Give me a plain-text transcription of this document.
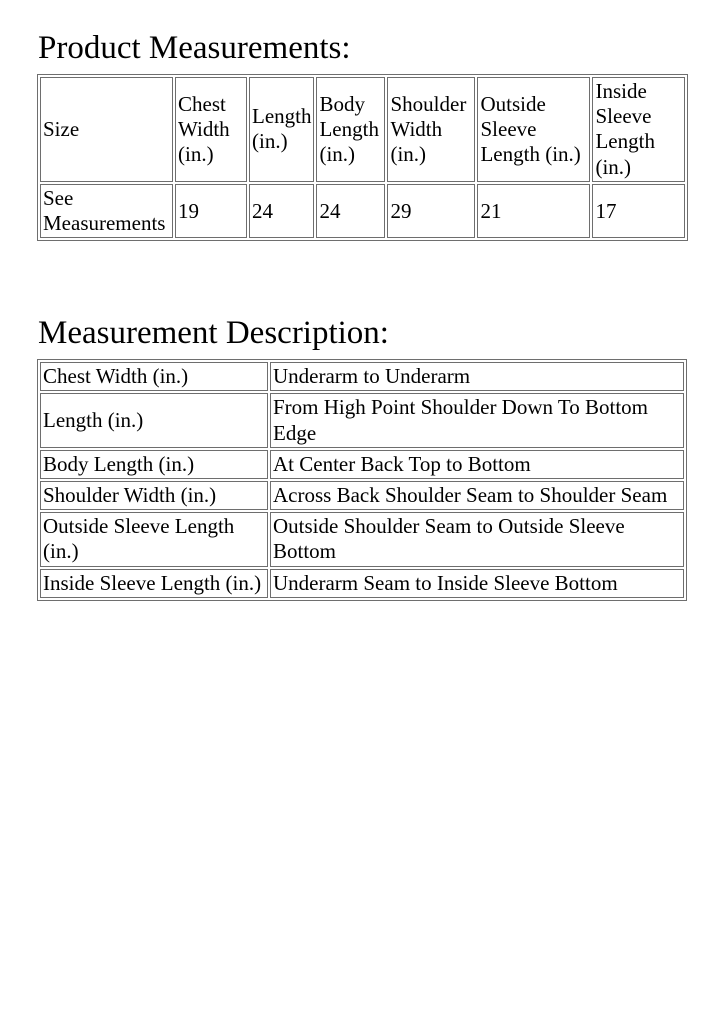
Product Measurements:
Size	Chest Width (in.)	Length (in.)	Body Length (in.)	Shoulder Width (in.)	Outside Sleeve Length (in.)	Inside Sleeve Length (in.)
See Measurements	19	24	24	29	21	17
Measurement Description:
Chest Width (in.)	Underarm to Underarm
Length (in.)	From High Point Shoulder Down To Bottom Edge
Body Length (in.)	At Center Back Top to Bottom
Shoulder Width (in.)	Across Back Shoulder Seam to Shoulder Seam
Outside Sleeve Length (in.)	Outside Shoulder Seam to Outside Sleeve Bottom
Inside Sleeve Length (in.)	Underarm Seam to Inside Sleeve Bottom
